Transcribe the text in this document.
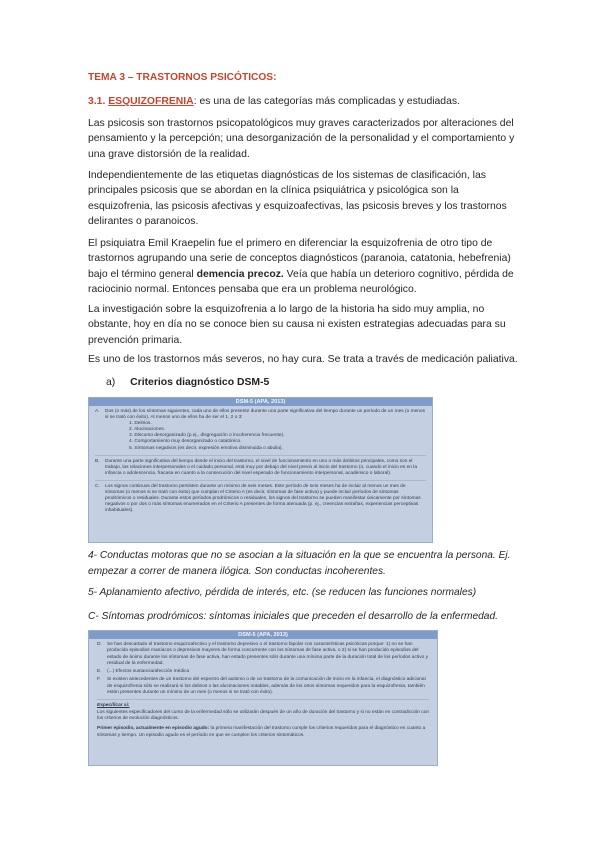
TEMA 3 – TRASTORNOS PSICÓTICOS:
3.1. ESQUIZOFRENIA: es una de las categorías más complicadas y estudiadas.
Las psicosis son trastornos psicopatológicos muy graves caracterizados por alteraciones del pensamiento y la percepción; una desorganización de la personalidad y el comportamiento y una grave distorsión de la realidad.
Independientemente de las etiquetas diagnósticas de los sistemas de clasificación, las principales psicosis que se abordan en la clínica psiquiátrica y psicológica son la esquizofrenia, las psicosis afectivas y esquizoafectivas, las psicosis breves y los trastornos delirantes o paranoicos.
El psiquiatra Emil Kraepelin fue el primero en diferenciar la esquizofrenia de otro tipo de trastornos agrupando una serie de conceptos diagnósticos (paranoia, catatonia, hebefrenia) bajo el término general demencia precoz. Veía que había un deterioro cognitivo, pérdida de raciocinio normal. Entonces pensaba que era un problema neurológico.
La investigación sobre la esquizofrenia a lo largo de la historia ha sido muy amplia, no obstante, hoy en día no se conoce bien su causa ni existen estrategias adecuadas para su prevención primaria.
Es uno de los trastornos más severos, no hay cura. Se trata a través de medicación paliativa.
a) Criterios diagnóstico DSM-5
DSM-5 (APA, 2013)
A.	Dos (o más) de los síntomas siguientes, cada uno de ellos presente durante una parte significativa del tiempo durante un período de un mes (o menos si se trató con éxito). Al menos uno de ellos ha de ser el 1, 2 o 3:
1. Delirios.
2. Alucinaciones.
3. Discurso desorganizado (p.ej., disgregación o incoherencia frecuente).
4. Comportamiento muy desorganizado o catatónico.
5. Síntomas negativos (es decir, expresión emotiva disminuida o abulia).
B.	Durante una parte significativa del tiempo desde el inicio del trastorno, el nivel de funcionamiento en uno o más ámbitos principales, como son el trabajo, las relaciones interpersonales o el cuidado personal, está muy por debajo del nivel previo al inicio del trastorno (o, cuando el inicio es en la infancia o adolescencia, fracasa en cuanto a la consecución del nivel esperado de funcionamiento interpersonal, académico o laboral).
C.	Los signos continuos del trastorno persisten durante un mínimo de seis meses. Este período de seis meses ha de incluir al menos un mes de síntomas (o menos si se trató con éxito) que cumplan el Criterio A (es decir, síntomas de fase activa) y puede incluir períodos de síntomas prodrómicos o residuales. Durante estos períodos prodrómicos o residuales, los signos del trastorno se pueden manifestar únicamente por síntomas negativos o por dos o más síntomas enumerados en el Criterio A presentes de forma atenuada (p. ej., creencias extrañas, experiencias perceptivas inhabituales).
4- Conductas motoras que no se asocian a la situación en la que se encuentra la persona. Ej. empezar a correr de manera ilógica. Son conductas incoherentes.
5- Aplanamiento afectivo, pérdida de interés, etc. (se reducen las funciones normales)
C- Síntomas prodrómicos: síntomas iniciales que preceden el desarrollo de la enfermedad.
DSM-5 (APA, 2013)
D.	Se han descartado el trastorno esquizoafectivo y el trastorno depresivo o el trastorno bipolar con características psicóticas porque: 1) no se han producido episodios maníacos o depresivos mayores de forma concurrente con los síntomas de fase activa, o 2) si se han producido episodios del estado de ánimo durante los síntomas de fase activa, han estado presentes sólo durante una mínima parte de la duración total de los períodos activo y residual de la enfermedad.
E.	(...) Efectos sustancia/afección médica
F.	Si existen antecedentes de un trastorno del espectro del autismo o de un trastorno de la comunicación de inicio en la infancia, el diagnóstico adicional de esquizofrenia sólo se realizará si los delirios o las alucinaciones notables, además de los otros síntomas requeridos para la esquizofrenia, también están presentes durante un mínimo de un mes (o menos si se trató con éxito).
Especificar si:
Los siguientes especificadores del curso de la enfermedad sólo se utilizarán después de un año de duración del trastorno y si no están en contradicción con los criterios de evolución diagnósticos.
Primer episodio, actualmente en episodio agudo: la primera manifestación del trastorno cumple los criterios requeridos para el diagnóstico en cuanto a síntomas y tiempo. Un episodio agudo es el período en que se cumplen los criterios sintomáticos.
